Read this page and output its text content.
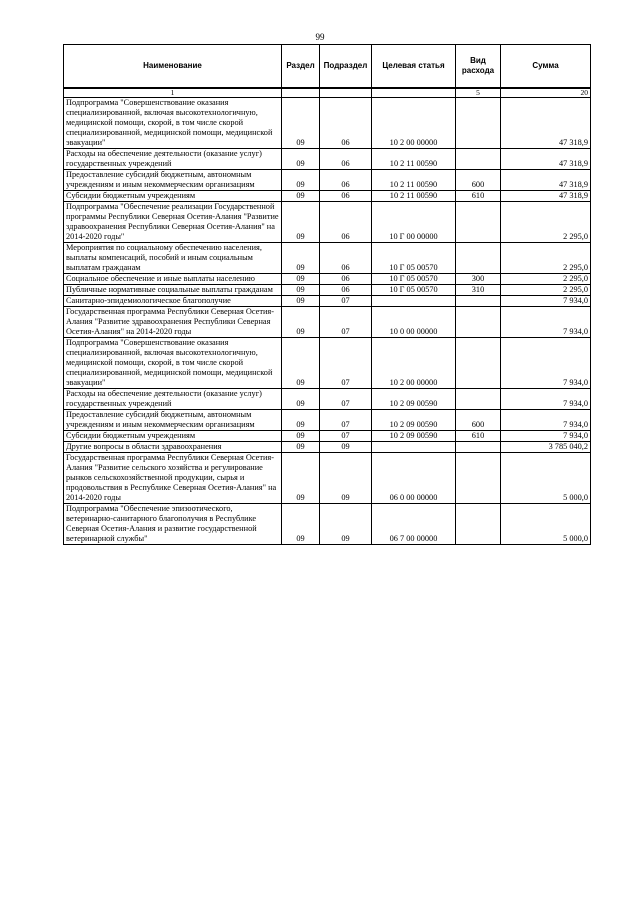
99
Наименование	Раздел	Подраздел	Целевая статья	Вид расхода	Сумма
1				5	20
Подпрограмма "Совершенствование оказания специализированной, включая высокотехнологичную, медицинской помощи, скорой, в том числе скорой специализированной, медицинской помощи, медицинской эвакуации"	09	06	10 2 00 00000		47 318,9
Расходы на обеспечение деятельности (оказание услуг) государственных учреждений	09	06	10 2 11 00590		47 318,9
Предоставление субсидий бюджетным, автономным учреждениям и иным некоммерческим организациям	09	06	10 2 11 00590	600	47 318,9
Субсидии бюджетным учреждениям	09	06	10 2 11 00590	610	47 318,9
Подпрограмма "Обеспечение реализации Государственной программы Республики Северная Осетия-Алания "Развитие здравоохранения Республики Северная Осетия-Алания" на 2014-2020 годы"	09	06	10 Г 00 00000		2 295,0
Мероприятия по социальному обеспечению населения, выплаты компенсаций, пособий и иным социальным выплатам гражданам	09	06	10 Г 05 00570		2 295,0
Социальное обеспечение и иные выплаты населению	09	06	10 Г 05 00570	300	2 295,0
Публичные нормативные социальные выплаты гражданам	09	06	10 Г 05 00570	310	2 295,0
Санитарно-эпидемиологическое благополучие	09	07			7 934,0
Государственная программа Республики Северная Осетия-Алания "Развитие здравоохранения Республики Северная Осетия-Алания" на 2014-2020 годы	09	07	10 0 00 00000		7 934,0
Подпрограмма "Совершенствование оказания специализированной, включая высокотехнологичную, медицинской помощи, скорой, в том числе скорой специализированной, медицинской помощи, медицинской эвакуации"	09	07	10 2 00 00000		7 934,0
Расходы на обеспечение деятельности (оказание услуг) государственных учреждений	09	07	10 2 09 00590		7 934,0
Предоставление субсидий бюджетным, автономным учреждениям и иным некоммерческим организациям	09	07	10 2 09 00590	600	7 934,0
Субсидии бюджетным учреждениям	09	07	10 2 09 00590	610	7 934,0
Другие вопросы в области здравоохранения	09	09			3 785 040,2
Государственная программа Республики Северная Осетия-Алания "Развитие сельского хозяйства и регулирование рынков сельскохозяйственной продукции, сырья и продовольствия в Республике Северная Осетия-Алания" на 2014-2020 годы	09	09	06 0 00 00000		5 000,0
Подпрограмма "Обеспечение эпизоотического, ветеринарно-санитарного благополучия в Республике Северная Осетия-Алания и развитие государственной ветеринарной службы"	09	09	06 7 00 00000		5 000,0
